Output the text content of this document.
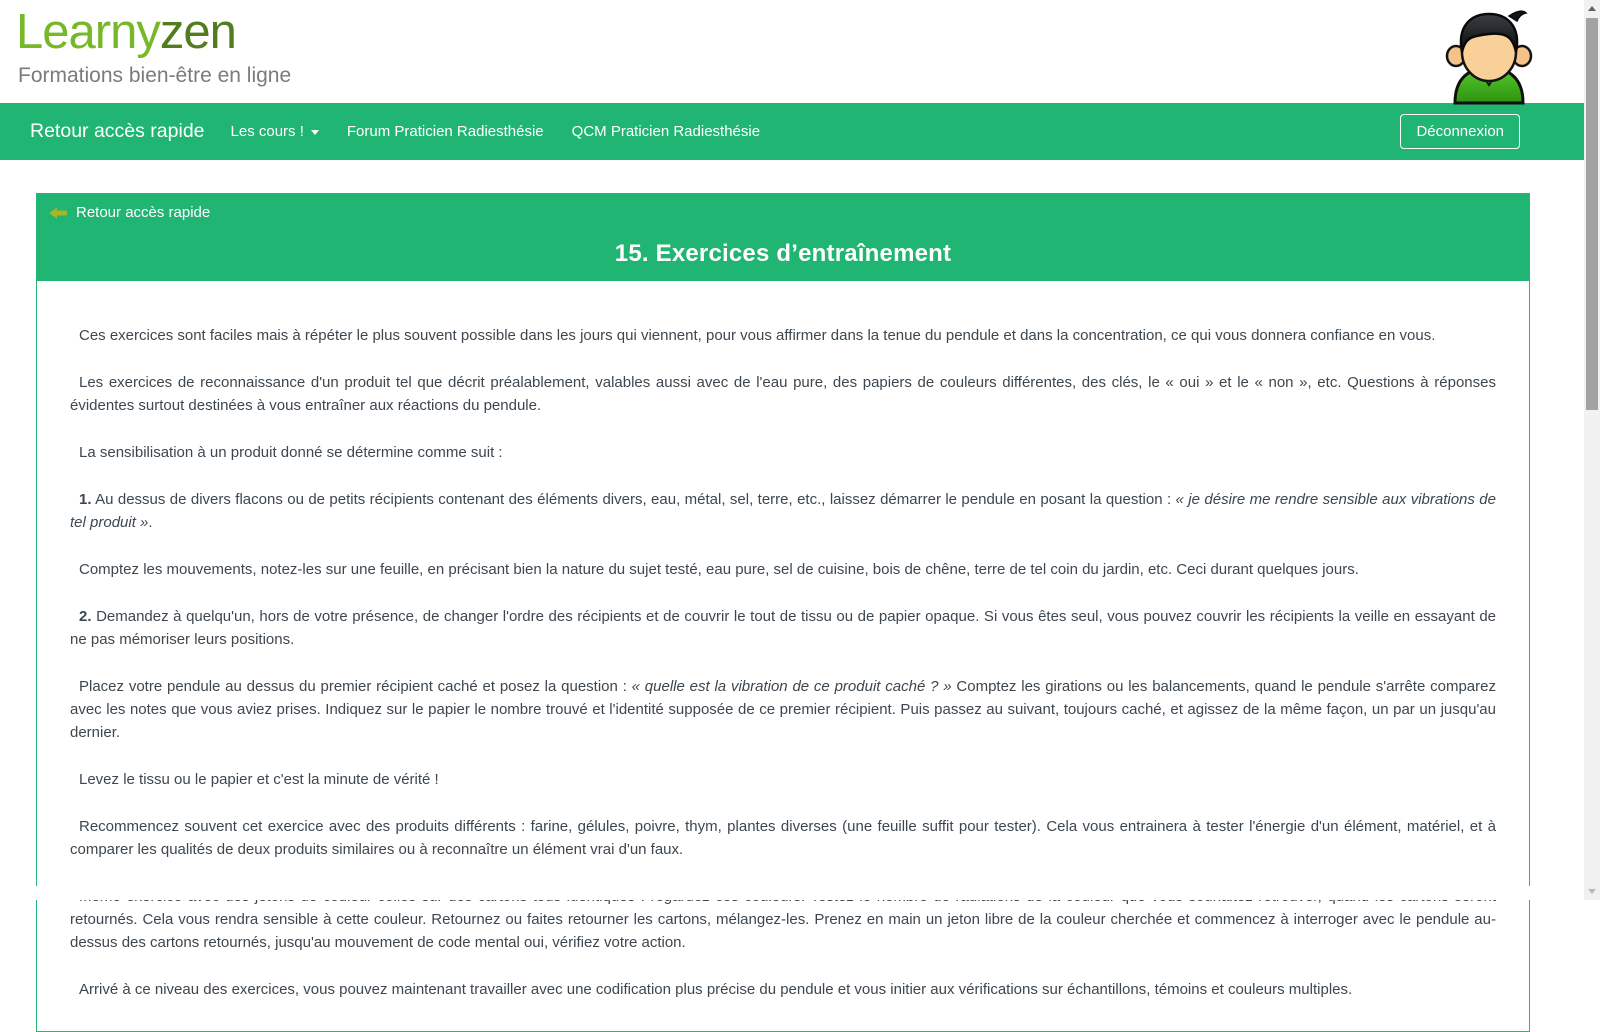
Learnyzen
Formations bien-être en ligne
Retour accès rapide Les cours !	Forum Praticien Radiesthésie QCM Praticien Radiesthésie	Déconnexion
Retour accès rapide
15. Exercices d’entraînement

Ces exercices sont faciles mais à répéter le plus souvent possible dans les jours qui viennent, pour vous affirmer dans la tenue du pendule et dans la concentration, ce qui vous donnera confiance en vous.

Les exercices de reconnaissance d'un produit tel que décrit préalablement, valables aussi avec de l'eau pure, des papiers de couleurs différentes, des clés, le « oui » et le « non », etc. Questions à réponses évidentes surtout destinées à vous entraîner aux réactions du pendule.

La sensibilisation à un produit donné se détermine comme suit :

1. Au dessus de divers flacons ou de petits récipients contenant des éléments divers, eau, métal, sel, terre, etc., laissez démarrer le pendule en posant la question : « je désire me rendre sensible aux vibrations de tel produit ».

Comptez les mouvements, notez-les sur une feuille, en précisant bien la nature du sujet testé, eau pure, sel de cuisine, bois de chêne, terre de tel coin du jardin, etc. Ceci durant quelques jours.

2. Demandez à quelqu'un, hors de votre présence, de changer l'ordre des récipients et de couvrir le tout de tissu ou de papier opaque. Si vous êtes seul, vous pouvez couvrir les récipients la veille en essayant de ne pas mémoriser leurs positions.

Placez votre pendule au dessus du premier récipient caché et posez la question : « quelle est la vibration de ce produit caché ? » Comptez les girations ou les balancements, quand le pendule s'arrête comparez avec les notes que vous aviez prises. Indiquez sur le papier le nombre trouvé et l'identité supposée de ce premier récipient. Puis passez au suivant, toujours caché, et agissez de la même façon, un par un jusqu'au dernier.

Levez le tissu ou le papier et c'est la minute de vérité !

Recommencez souvent cet exercice avec des produits différents : farine, gélules, poivre, thym, plantes diverses (une feuille suffit pour tester). Cela vous entrainera à tester l'énergie d'un élément, matériel, et à comparer les qualités de deux produits similaires ou à reconnaître un élément vrai d'un faux.

retournés. Cela vous rendra sensible à cette couleur. Retournez ou faites retourner les cartons, mélangez-les. Prenez en main un jeton libre de la couleur cherchée et commencez à interroger avec le pendule au-dessus des cartons retournés, jusqu'au mouvement de code mental oui, vérifiez votre action.

Arrivé à ce niveau des exercices, vous pouvez maintenant travailler avec une codification plus précise du pendule et vous initier aux vérifications sur échantillons, témoins et couleurs multiples.
